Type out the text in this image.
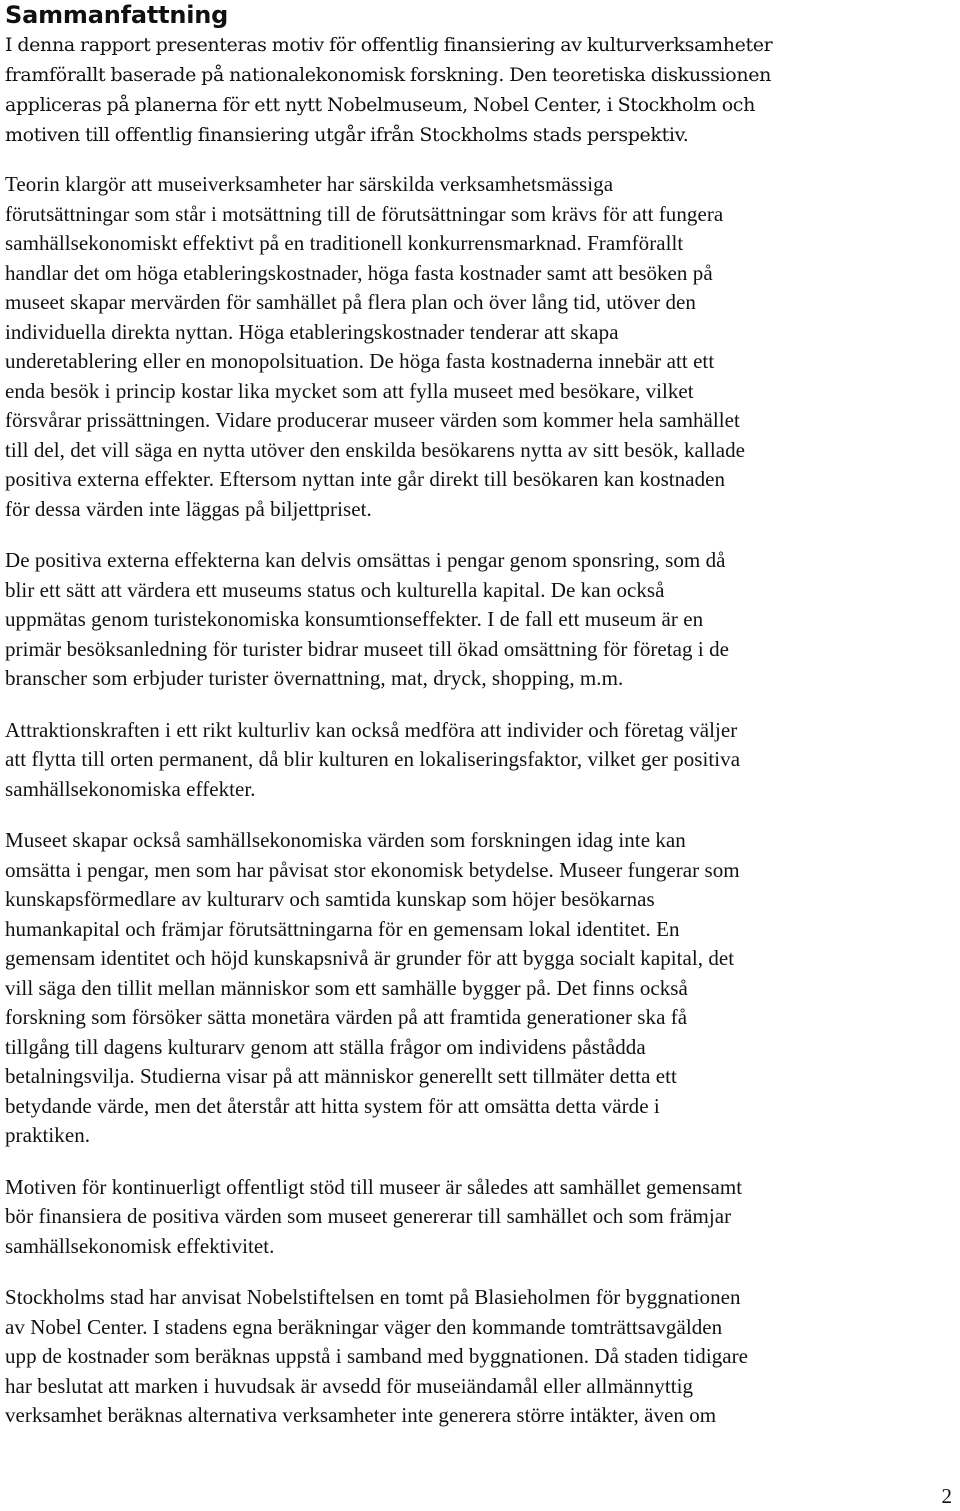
Sammanfattning

I denna rapport presenteras motiv för offentlig finansiering av kulturverksamheter
framförallt baserade på nationalekonomisk forskning. Den teoretiska diskussionen
appliceras på planerna för ett nytt Nobelmuseum, Nobel Center, i Stockholm och
motiven till offentlig finansiering utgår ifrån Stockholms stads perspektiv.

Teorin klargör att museiverksamheter har särskilda verksamhetsmässiga
förutsättningar som står i motsättning till de förutsättningar som krävs för att fungera
samhällsekonomiskt effektivt på en traditionell konkurrensmarknad. Framförallt
handlar det om höga etableringskostnader, höga fasta kostnader samt att besöken på
museet skapar mervärden för samhället på flera plan och över lång tid, utöver den
individuella direkta nyttan. Höga etableringskostnader tenderar att skapa
underetablering eller en monopolsituation. De höga fasta kostnaderna innebär att ett
enda besök i princip kostar lika mycket som att fylla museet med besökare, vilket
försvårar prissättningen. Vidare producerar museer värden som kommer hela samhället
till del, det vill säga en nytta utöver den enskilda besökarens nytta av sitt besök, kallade
positiva externa effekter. Eftersom nyttan inte går direkt till besökaren kan kostnaden
för dessa värden inte läggas på biljettpriset.

De positiva externa effekterna kan delvis omsättas i pengar genom sponsring, som då
blir ett sätt att värdera ett museums status och kulturella kapital. De kan också
uppmätas genom turistekonomiska konsumtionseffekter. I de fall ett museum är en
primär besöksanledning för turister bidrar museet till ökad omsättning för företag i de
branscher som erbjuder turister övernattning, mat, dryck, shopping, m.m.

Attraktionskraften i ett rikt kulturliv kan också medföra att individer och företag väljer
att flytta till orten permanent, då blir kulturen en lokaliseringsfaktor, vilket ger positiva
samhällsekonomiska effekter.

Museet skapar också samhällsekonomiska värden som forskningen idag inte kan
omsätta i pengar, men som har påvisat stor ekonomisk betydelse. Museer fungerar som
kunskapsförmedlare av kulturarv och samtida kunskap som höjer besökarnas
humankapital och främjar förutsättningarna för en gemensam lokal identitet. En
gemensam identitet och höjd kunskapsnivå är grunder för att bygga socialt kapital, det
vill säga den tillit mellan människor som ett samhälle bygger på. Det finns också
forskning som försöker sätta monetära värden på att framtida generationer ska få
tillgång till dagens kulturarv genom att ställa frågor om individens påstådda
betalningsvilja. Studierna visar på att människor generellt sett tillmäter detta ett
betydande värde, men det återstår att hitta system för att omsätta detta värde i
praktiken.

Motiven för kontinuerligt offentligt stöd till museer är således att samhället gemensamt
bör finansiera de positiva värden som museet genererar till samhället och som främjar
samhällsekonomisk effektivitet.

Stockholms stad har anvisat Nobelstiftelsen en tomt på Blasieholmen för byggnationen
av Nobel Center. I stadens egna beräkningar väger den kommande tomträttsavgälden
upp de kostnader som beräknas uppstå i samband med byggnationen. Då staden tidigare
har beslutat att marken i huvudsak är avsedd för museiändamål eller allmännyttig
verksamhet beräknas alternativa verksamheter inte generera större intäkter, även om

2
